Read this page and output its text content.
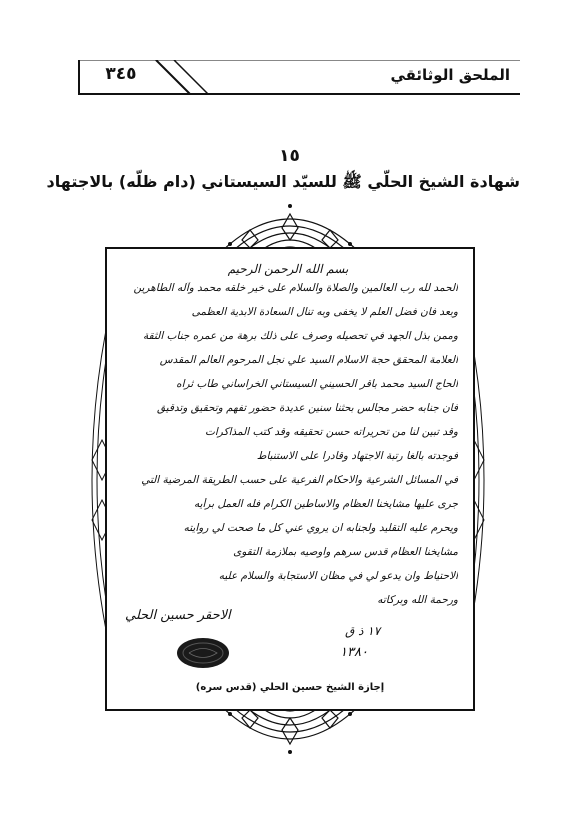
٣٤٥	الملحق الوثائقي
١٥
شهادة الشيخ الحلّي ﷺ للسيّد السيستاني (دام ظلّه) بالاجتهاد
بسم الله الرحمن الرحيم
الحمد لله رب العالمين والصلاة والسلام على خير خلقه محمد وآله الطاهرين
وبعد فان فضل العلم لا يخفى وبه تنال السعادة الابدية العظمى
وممن بذل الجهد في تحصيله وصرف على ذلك برهة من عمره جناب الثقة
العلامة المحقق حجة الاسلام السيد علي نجل المرحوم العالم المقدس
الحاج السيد محمد باقر الحسيني السيستاني الخراساني طاب ثراه
فان جنابه حضر مجالس بحثنا سنين عديدة حضور تفهم وتحقيق وتدقيق
وقد تبين لنا من تحريراته حسن تحقيقه وقد كتب المذاكرات
فوجدته بالغا رتبة الاجتهاد وقادرا على الاستنباط
في المسائل الشرعية والاحكام الفرعية على حسب الطريقة المرضية التي
جرى عليها مشايخنا العظام والاساطين الكرام فله العمل برأيه
ويحرم عليه التقليد ولجنابه ان يروي عني كل ما صحت لي روايته
مشايخنا العظام قدس سرهم واوصيه بملازمة التقوى
الاحتياط وان يدعو لي في مظان الاستجابة والسلام عليه
ورحمة الله وبركاته
الاحقر حسين الحلي
١٧ ذ ق
١٣٨٠
إجازة الشيخ حسين الحلي (قدس سره)
